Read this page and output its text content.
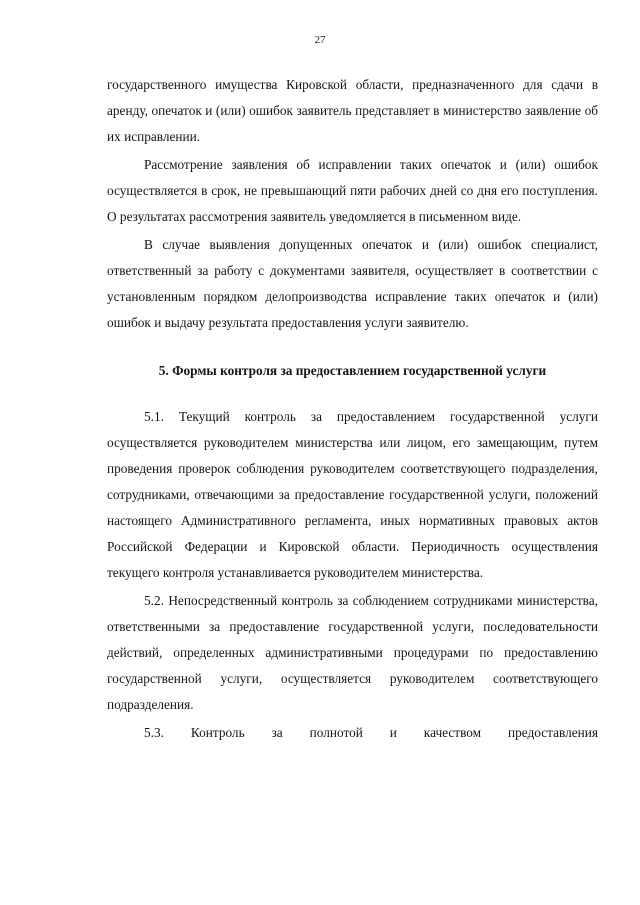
27

государственного имущества Кировской области, предназначенного для сдачи в аренду, опечаток и (или) ошибок заявитель представляет в министерство заявление об их исправлении.

Рассмотрение заявления об исправлении таких опечаток и (или) ошибок осуществляется в срок, не превышающий пяти рабочих дней со дня его поступления. О результатах рассмотрения заявитель уведомляется в письменном виде.

В случае выявления допущенных опечаток и (или) ошибок специалист, ответственный за работу с документами заявителя, осуществляет в соответствии с установленным порядком делопроизводства исправление таких опечаток и (или) ошибок и выдачу результата предоставления услуги заявителю.

5. Формы контроля за предоставлением государственной услуги

5.1. Текущий контроль за предоставлением государственной услуги осуществляется руководителем министерства или лицом, его замещающим, путем проведения проверок соблюдения руководителем соответствующего подразделения, сотрудниками, отвечающими за предоставление государственной услуги, положений настоящего Административного регламента, иных нормативных правовых актов Российской Федерации и Кировской области. Периодичность осуществления текущего контроля устанавливается руководителем министерства.

5.2. Непосредственный контроль за соблюдением сотрудниками министерства, ответственными за предоставление государственной услуги, последовательности действий, определенных административными процедурами по предоставлению государственной услуги, осуществляется руководителем соответствующего подразделения.

5.3. Контроль за полнотой и качеством предоставления
